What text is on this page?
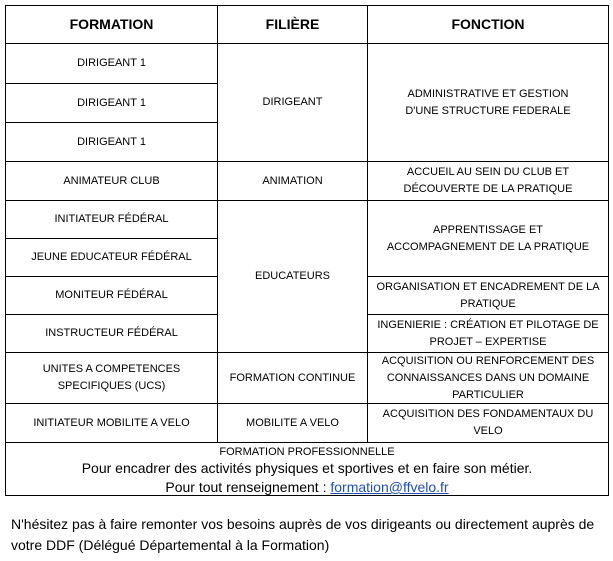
FORMATION	FILIÈRE	FONCTION
DIRIGEANT 1
DIRIGEANT 1
DIRIGEANT 1
ANIMATEUR CLUB
INITIATEUR FÉDÉRAL
JEUNE EDUCATEUR FÉDÉRAL
MONITEUR FÉDÉRAL
INSTRUCTEUR FÉDÉRAL
UNITES A COMPETENCES SPECIFIQUES (UCS)
INITIATEUR MOBILITE A VELO
DIRIGEANT
ANIMATION
EDUCATEURS
FORMATION CONTINUE
MOBILITE A VELO
ADMINISTRATIVE ET GESTION D'UNE STRUCTURE FEDERALE
ACCUEIL AU SEIN DU CLUB ET DÉCOUVERTE DE LA PRATIQUE
APPRENTISSAGE ET ACCOMPAGNEMENT DE LA PRATIQUE
ORGANISATION ET ENCADREMENT DE LA PRATIQUE
INGENIERIE : CRÉATION ET PILOTAGE DE PROJET – EXPERTISE
ACQUISITION OU RENFORCEMENT DES CONNAISSANCES DANS UN DOMAINE PARTICULIER
ACQUISITION DES FONDAMENTAUX DU VELO
FORMATION PROFESSIONNELLE
Pour encadrer des activités physiques et sportives et en faire son métier.
Pour tout renseignement : formation@ffvelo.fr
N'hésitez pas à faire remonter vos besoins auprès de vos dirigeants ou directement auprès de votre DDF (Délégué Départemental à la Formation)
